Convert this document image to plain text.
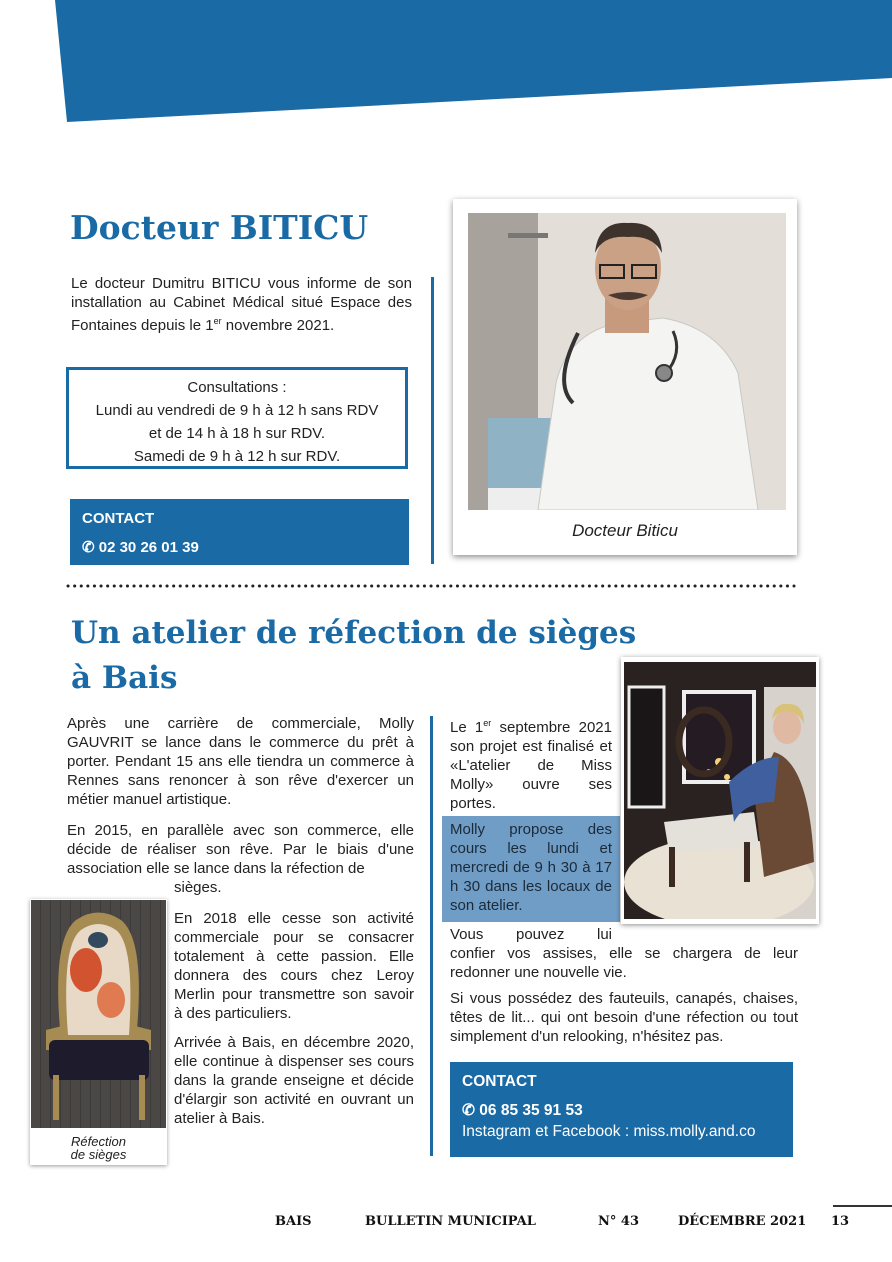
Docteur BITICU
Le docteur Dumitru BITICU vous informe de son installation au Cabinet Médical situé Espace des Fontaines depuis le 1er novembre 2021.
Consultations :
Lundi au vendredi de 9 h à 12 h sans RDV
et de 14 h à 18 h sur RDV.
Samedi de 9 h à 12 h sur RDV.
CONTACT
✆ 02 30 26 01 39
Docteur Biticu
Un atelier de réfection de sièges
à Bais
Après une carrière de commerciale, Molly GAUVRIT se lance dans le commerce du prêt à porter. Pendant 15 ans elle tiendra un commerce à Rennes sans renoncer à son rêve d'exercer un métier manuel artistique.
En 2015, en parallèle avec son commerce, elle décide de réaliser son rêve. Par le biais d'une association elle se lance dans la réfection de
sièges.
Réfection
de sièges
En 2018 elle cesse son activité commerciale pour se consacrer totalement à cette passion. Elle donnera des cours chez Leroy Merlin pour transmettre son savoir à des particuliers.
Arrivée à Bais, en décembre 2020, elle continue à dispenser ses cours dans la grande enseigne et décide d'élargir son activité en ouvrant un atelier à Bais.
Le 1er septembre 2021 son projet est finalisé et «L'atelier de Miss Molly» ouvre ses portes.
Molly propose des cours les lundi et mercredi de 9 h 30 à 17 h 30 dans les locaux de son atelier.
Vous pouvez lui
confier vos assises, elle se chargera de leur redonner une nouvelle vie.
Si vous possédez des fauteuils, canapés, chaises, têtes de lit... qui ont besoin d'une réfection ou tout simplement d'un relooking, n'hésitez pas.
CONTACT
✆ 06 85 35 91 53
Instagram et Facebook : miss.molly.and.co
BAIS	BULLETIN MUNICIPAL	N° 43	DÉCEMBRE 2021 13
